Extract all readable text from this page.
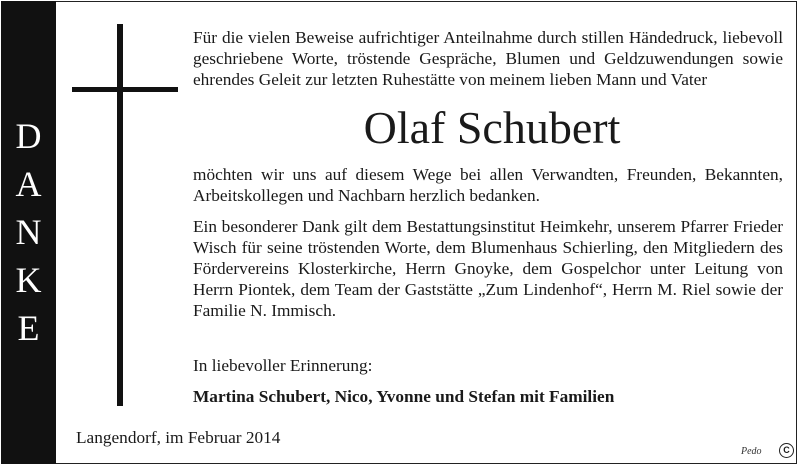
D
A
N
K
E

Für die vielen Beweise aufrichtiger Anteilnahme durch stillen Händedruck, liebevoll geschriebene Worte, tröstende Gespräche, Blumen und Geldzuwendungen sowie ehrendes Geleit zur letzten Ruhestätte von meinem lieben Mann und Vater

Olaf Schubert

möchten wir uns auf diesem Wege bei allen Verwandten, Freunden, Bekannten, Arbeitskollegen und Nachbarn herzlich bedanken.

Ein besonderer Dank gilt dem Bestattungsinstitut Heimkehr, unserem Pfarrer Frieder Wisch für seine tröstenden Worte, dem Blumenhaus Schierling, den Mitgliedern des Fördervereins Klosterkirche, Herrn Gnoyke, dem Gospelchor unter Leitung von Herrn Piontek, dem Team der Gaststätte „Zum Lindenhof“, Herrn M. Riel sowie der Familie N. Immisch.

In liebevoller Erinnerung:

Martina Schubert, Nico, Yvonne und Stefan mit Familien

Langendorf, im Februar 2014

Pedo	C
